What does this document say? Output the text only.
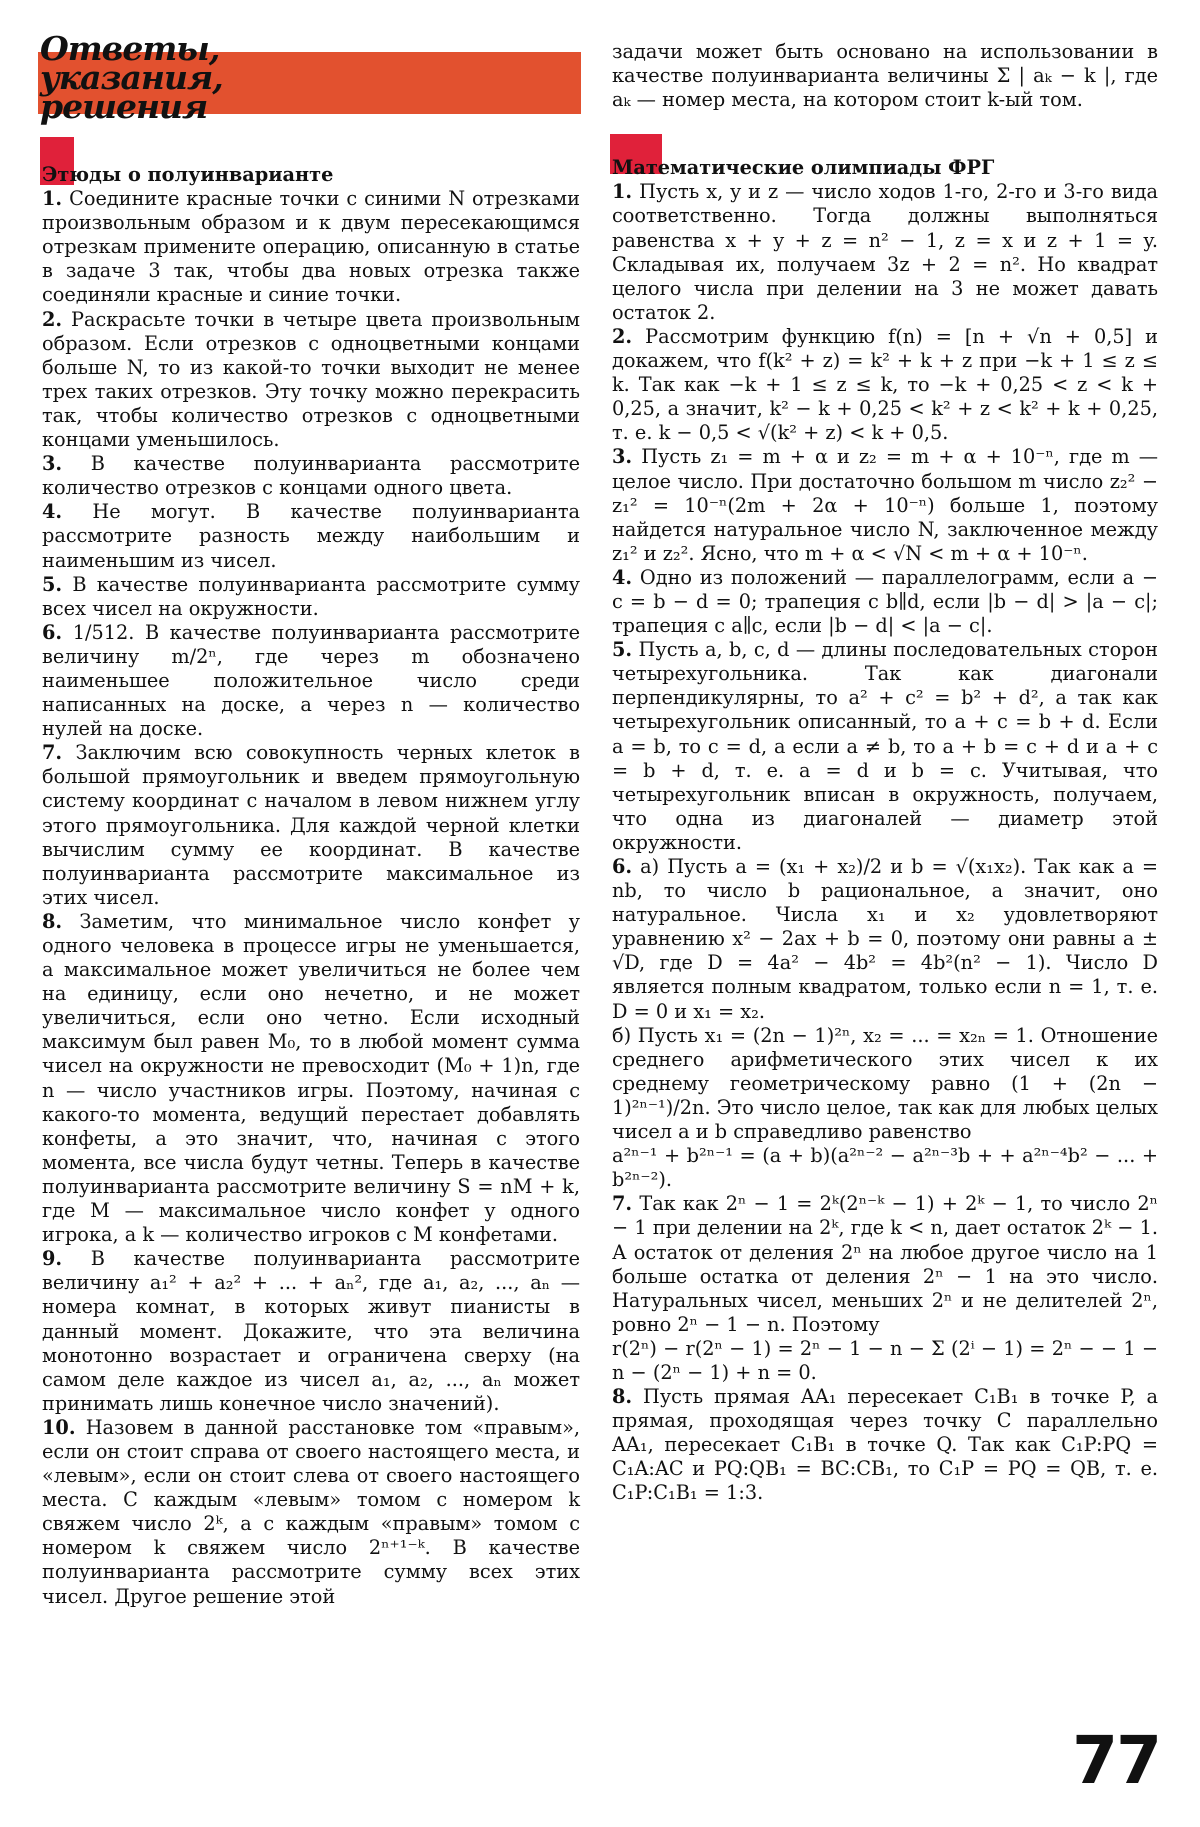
Ответы,
указания,
решения

Этюды о полуинварианте

1. Соедините красные точки с синими N отрезками произвольным образом и к двум пересекающимся отрезкам примените операцию, описанную в статье в задаче 3 так, чтобы два новых отрезка также соединяли красные и синие точки.

2. Раскрасьте точки в четыре цвета произвольным образом. Если отрезков с одноцветными концами больше N, то из какой-то точки выходит не менее трех таких отрезков. Эту точку можно перекрасить так, чтобы количество отрезков с одноцветными концами уменьшилось.

3. В качестве полуинварианта рассмотрите количество отрезков с концами одного цвета.

4. Не могут. В качестве полуинварианта рассмотрите разность между наибольшим и наименьшим из чисел.

5. В качестве полуинварианта рассмотрите сумму всех чисел на окружности.

6. 1/512. В качестве полуинварианта рассмотрите величину m/2ⁿ, где через m обозначено наименьшее положительное число среди написанных на доске, а через n — количество нулей на доске.

7. Заключим всю совокупность черных клеток в большой прямоугольник и введем прямоугольную систему координат с началом в левом нижнем углу этого прямоугольника. Для каждой черной клетки вычислим сумму ее координат. В качестве полуинварианта рассмотрите максимальное из этих чисел.

8. Заметим, что минимальное число конфет у одного человека в процессе игры не уменьшается, а максимальное может увеличиться не более чем на единицу, если оно нечетно, и не может увеличиться, если оно четно. Если исходный максимум был равен M₀, то в любой момент сумма чисел на окружности не превосходит (M₀ + 1)n, где n — число участников игры. Поэтому, начиная с какого-то момента, ведущий перестает добавлять конфеты, а это значит, что, начиная с этого момента, все числа будут четны. Теперь в качестве полуинварианта рассмотрите величину S = nM + k, где M — максимальное число конфет у одного игрока, а k — количество игроков с M конфетами.

9. В качестве полуинварианта рассмотрите величину a₁² + a₂² + ... + aₙ², где a₁, a₂, ..., aₙ — номера комнат, в которых живут пианисты в данный момент. Докажите, что эта величина монотонно возрастает и ограничена сверху (на самом деле каждое из чисел a₁, a₂, ..., aₙ может принимать лишь конечное число значений).

10. Назовем в данной расстановке том «правым», если он стоит справа от своего настоящего места, и «левым», если он стоит слева от своего настоящего места. С каждым «левым» томом с номером k свяжем число 2ᵏ, а с каждым «правым» томом с номером k свяжем число 2ⁿ⁺¹⁻ᵏ. В качестве полуинварианта рассмотрите сумму всех этих чисел. Другое решение этой

задачи может быть основано на использовании в качестве полуинварианта величины Σ | aₖ − k |, где aₖ — номер места, на котором стоит k-ый том.

Математические олимпиады ФРГ

1. Пусть x, y и z — число ходов 1-го, 2-го и 3-го вида соответственно. Тогда должны выполняться равенства x + y + z = n² − 1, z = x и z + 1 = y. Складывая их, получаем 3z + 2 = n². Но квадрат целого числа при делении на 3 не может давать остаток 2.

2. Рассмотрим функцию f(n) = [n + √n + 0,5] и докажем, что f(k² + z) = k² + k + z при −k + 1 ≤ z ≤ k. Так как −k + 1 ≤ z ≤ k, то −k + 0,25 < z < k + 0,25, а значит, k² − k + 0,25 < k² + z < k² + k + 0,25, т. е. k − 0,5 < √(k² + z) < k + 0,5.

3. Пусть z₁ = m + α и z₂ = m + α + 10⁻ⁿ, где m — целое число. При достаточно большом m число z₂² − z₁² = 10⁻ⁿ(2m + 2α + 10⁻ⁿ) больше 1, поэтому найдется натуральное число N, заключенное между z₁² и z₂². Ясно, что m + α < √N < m + α + 10⁻ⁿ.

4. Одно из положений — параллелограмм, если a − c = b − d = 0; трапеция с b∥d, если |b − d| > |a − c|; трапеция с a∥c, если |b − d| < |a − c|.

5. Пусть a, b, c, d — длины последовательных сторон четырехугольника. Так как диагонали перпендикулярны, то a² + c² = b² + d², а так как четырехугольник описанный, то a + c = b + d. Если a = b, то c = d, а если a ≠ b, то a + b = c + d и a + c = b + d, т. е. a = d и b = c. Учитывая, что четырехугольник вписан в окружность, получаем, что одна из диагоналей — диаметр этой окружности.

6. а) Пусть a = (x₁ + x₂)/2 и b = √(x₁x₂). Так как a = nb, то число b рациональное, а значит, оно натуральное. Числа x₁ и x₂ удовлетворяют уравнению x² − 2ax + b = 0, поэтому они равны a ± √D, где D = 4a² − 4b² = 4b²(n² − 1). Число D является полным квадратом, только если n = 1, т. е. D = 0 и x₁ = x₂.

б) Пусть x₁ = (2n − 1)²ⁿ, x₂ = ... = x₂ₙ = 1. Отношение среднего арифметического этих чисел к их среднему геометрическому равно (1 + (2n − 1)²ⁿ⁻¹)/2n. Это число целое, так как для любых целых чисел a и b справедливо равенство

a²ⁿ⁻¹ + b²ⁿ⁻¹ = (a + b)(a²ⁿ⁻² − a²ⁿ⁻³b + + a²ⁿ⁻⁴b² − ... + b²ⁿ⁻²).

7. Так как 2ⁿ − 1 = 2ᵏ(2ⁿ⁻ᵏ − 1) + 2ᵏ − 1, то число 2ⁿ − 1 при делении на 2ᵏ, где k < n, дает остаток 2ᵏ − 1. А остаток от деления 2ⁿ на любое другое число на 1 больше остатка от деления 2ⁿ − 1 на это число. Натуральных чисел, меньших 2ⁿ и не делителей 2ⁿ, ровно 2ⁿ − 1 − n. Поэтому

r(2ⁿ) − r(2ⁿ − 1) = 2ⁿ − 1 − n − Σ (2ⁱ − 1) = 2ⁿ − − 1 − n − (2ⁿ − 1) + n = 0.

8. Пусть прямая AA₁ пересекает C₁B₁ в точке P, а прямая, проходящая через точку C параллельно AA₁, пересекает C₁B₁ в точке Q. Так как C₁P:PQ = C₁A:AC и PQ:QB₁ = BC:CB₁, то C₁P = PQ = QB, т. е. C₁P:C₁B₁ = 1:3.

77
